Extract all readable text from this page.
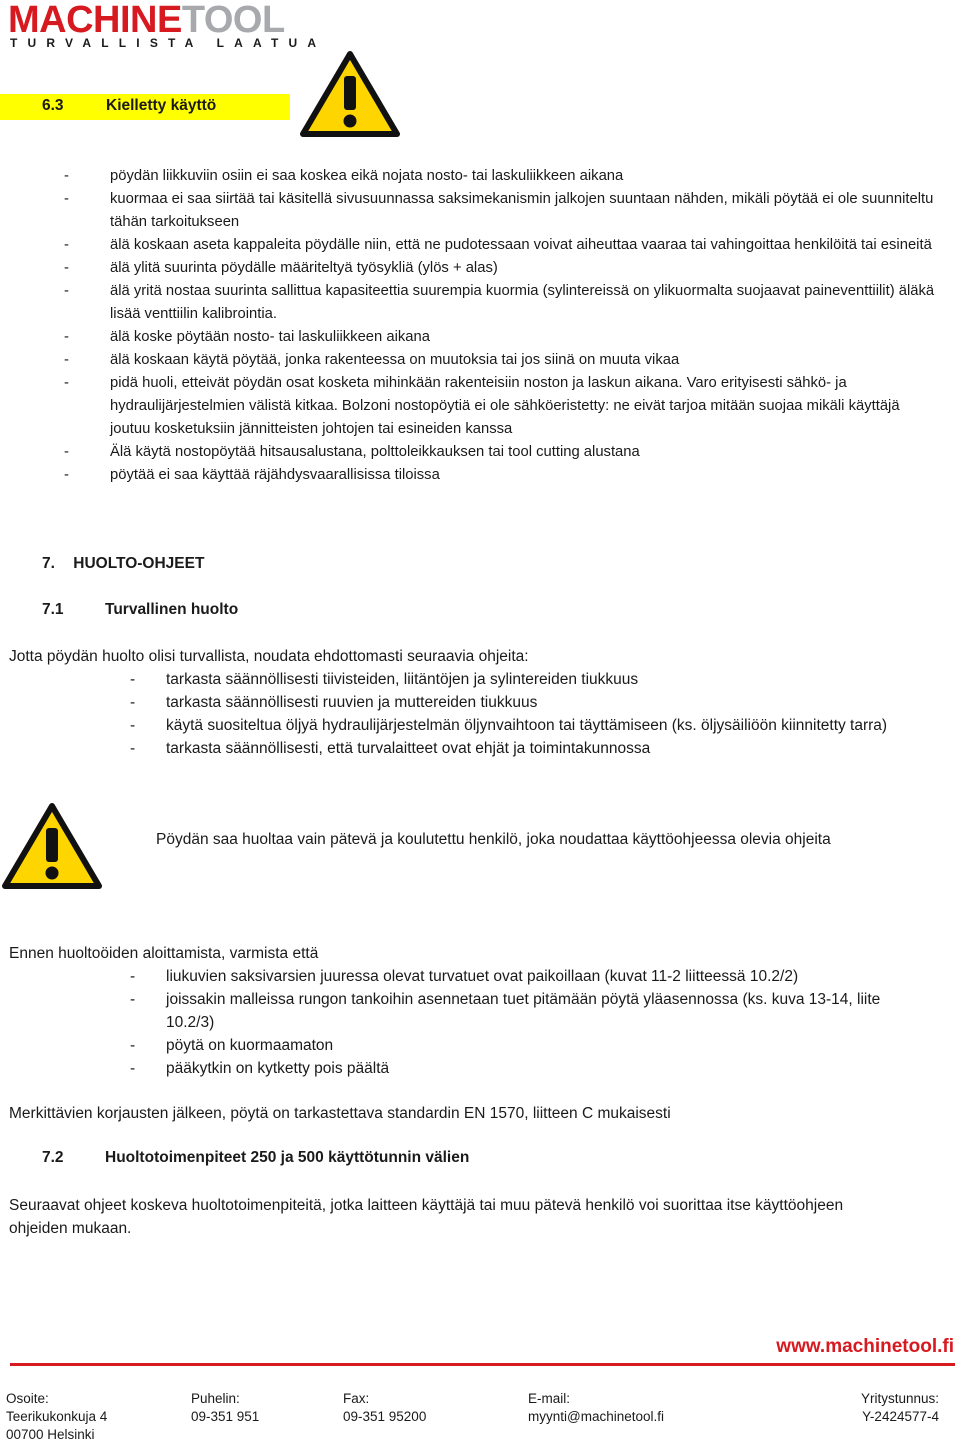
MACHINETOOL
TURVALLISTA LAATUA
6.3	Kielletty käyttö
-	pöydän liikkuviin osiin ei saa koskea eikä nojata nosto- tai laskuliikkeen aikana
-	kuormaa ei saa siirtää tai käsitellä sivusuunnassa saksimekanismin jalkojen suuntaan nähden, mikäli pöytää ei ole suunniteltu tähän tarkoitukseen
-	älä koskaan aseta kappaleita pöydälle niin, että ne pudotessaan voivat aiheuttaa vaaraa tai vahingoittaa henkilöitä tai esineitä
-	älä ylitä suurinta pöydälle määriteltyä työsykliä (ylös + alas)
-	älä yritä nostaa suurinta sallittua kapasiteettia suurempia kuormia (sylintereissä on ylikuormalta suojaavat paineventtiilit) äläkä lisää venttiilin kalibrointia.
-	älä koske pöytään nosto- tai laskuliikkeen aikana
-	älä koskaan käytä pöytää, jonka rakenteessa on muutoksia tai jos siinä on muuta vikaa
-	pidä huoli, etteivät pöydän osat kosketa mihinkään rakenteisiin noston ja laskun aikana. Varo erityisesti sähkö- ja hydraulijärjestelmien välistä kitkaa. Bolzoni nostopöytiä ei ole sähköeristetty: ne eivät tarjoa mitään suojaa mikäli käyttäjä joutuu kosketuksiin jännitteisten johtojen tai esineiden kanssa
-	Älä käytä nostopöytää hitsausalustana, polttoleikkauksen tai tool cutting alustana
-	pöytää ei saa käyttää räjähdysvaarallisissa tiloissa
7. HUOLTO-OHJEET
7.1	Turvallinen huolto
Jotta pöydän huolto olisi turvallista, noudata ehdottomasti seuraavia ohjeita:
- tarkasta säännöllisesti tiivisteiden, liitäntöjen ja sylintereiden tiukkuus
- tarkasta säännöllisesti ruuvien ja muttereiden tiukkuus
- käytä suositeltua öljyä hydraulijärjestelmän öljynvaihtoon tai täyttämiseen (ks. öljysäiliöön kiinnitetty tarra)
- tarkasta säännöllisesti, että turvalaitteet ovat ehjät ja toimintakunnossa
Pöydän saa huoltaa vain pätevä ja koulutettu henkilö, joka noudattaa käyttöohjeessa olevia ohjeita
Ennen huoltoöiden aloittamista, varmista että
- liukuvien saksivarsien juuressa olevat turvatuet ovat paikoillaan (kuvat 11-2 liitteessä 10.2/2)
- joissakin malleissa rungon tankoihin asennetaan tuet pitämään pöytä yläasennossa (ks. kuva 13-14, liite 10.2/3)
- pöytä on kuormaamaton
- pääkytkin on kytketty pois päältä
Merkittävien korjausten jälkeen, pöytä on tarkastettava standardin EN 1570, liitteen C mukaisesti
7.2	Huoltotoimenpiteet 250 ja 500 käyttötunnin välien
Seuraavat ohjeet koskeva huoltotoimenpiteitä, jotka laitteen käyttäjä tai muu pätevä henkilö voi suorittaa itse käyttöohjeen ohjeiden mukaan.
www.machinetool.fi
Osoite:
Teerikukonkuja 4
00700 Helsinki
Puhelin:
09-351 951
Fax:
09-351 95200
E-mail:
myynti@machinetool.fi
Yritystunnus:
Y-2424577-4
